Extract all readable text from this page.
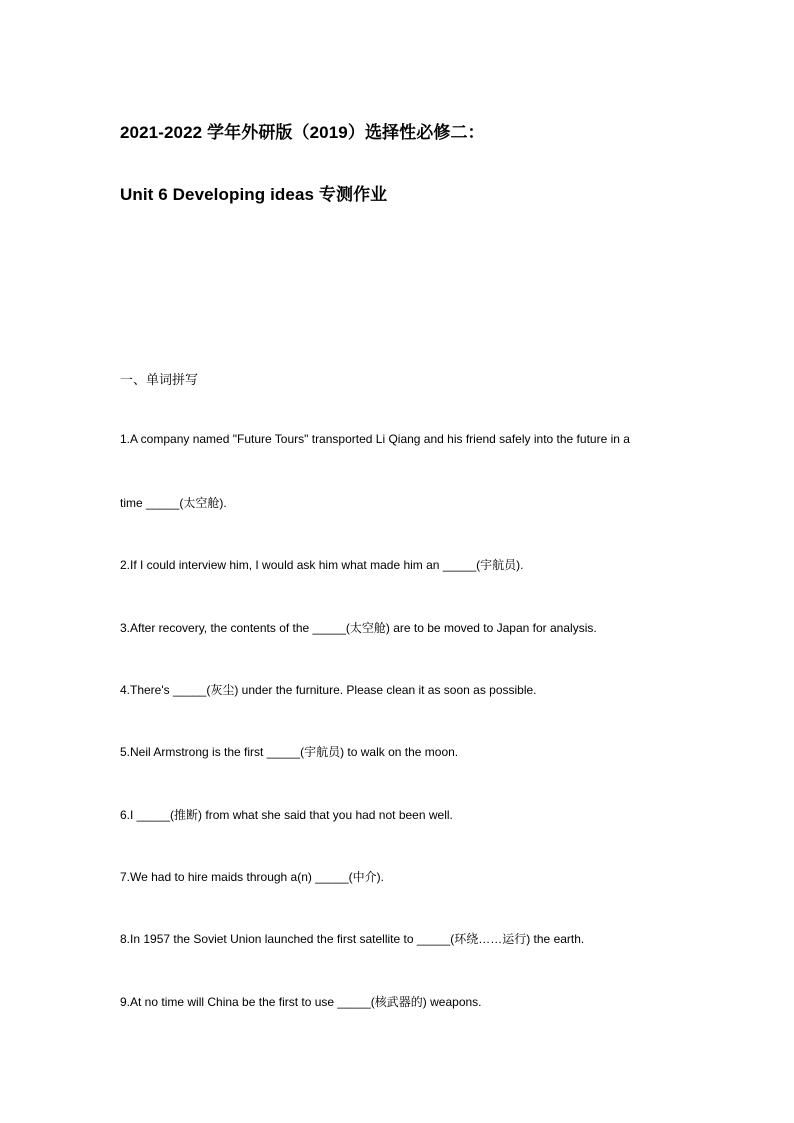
2021-2022 学年外研版（2019）选择性必修二：
Unit 6 Developing ideas 专测作业
一、单词拼写
1.A company named "Future Tours" transported Li Qiang and his friend safely into the future in a
time _____(太空舱).
2.If I could interview him, I would ask him what made him an _____(宇航员).
3.After recovery, the contents of the _____(太空舱) are to be moved to Japan for analysis.
4.There's _____(灰尘) under the furniture. Please clean it as soon as possible.
5.Neil Armstrong is the first _____(宇航员) to walk on the moon.
6.I _____(推断) from what she said that you had not been well.
7.We had to hire maids through a(n) _____(中介).
8.In 1957 the Soviet Union launched the first satellite to _____(环绕……运行) the earth.
9.At no time will China be the first to use _____(核武器的) weapons.
